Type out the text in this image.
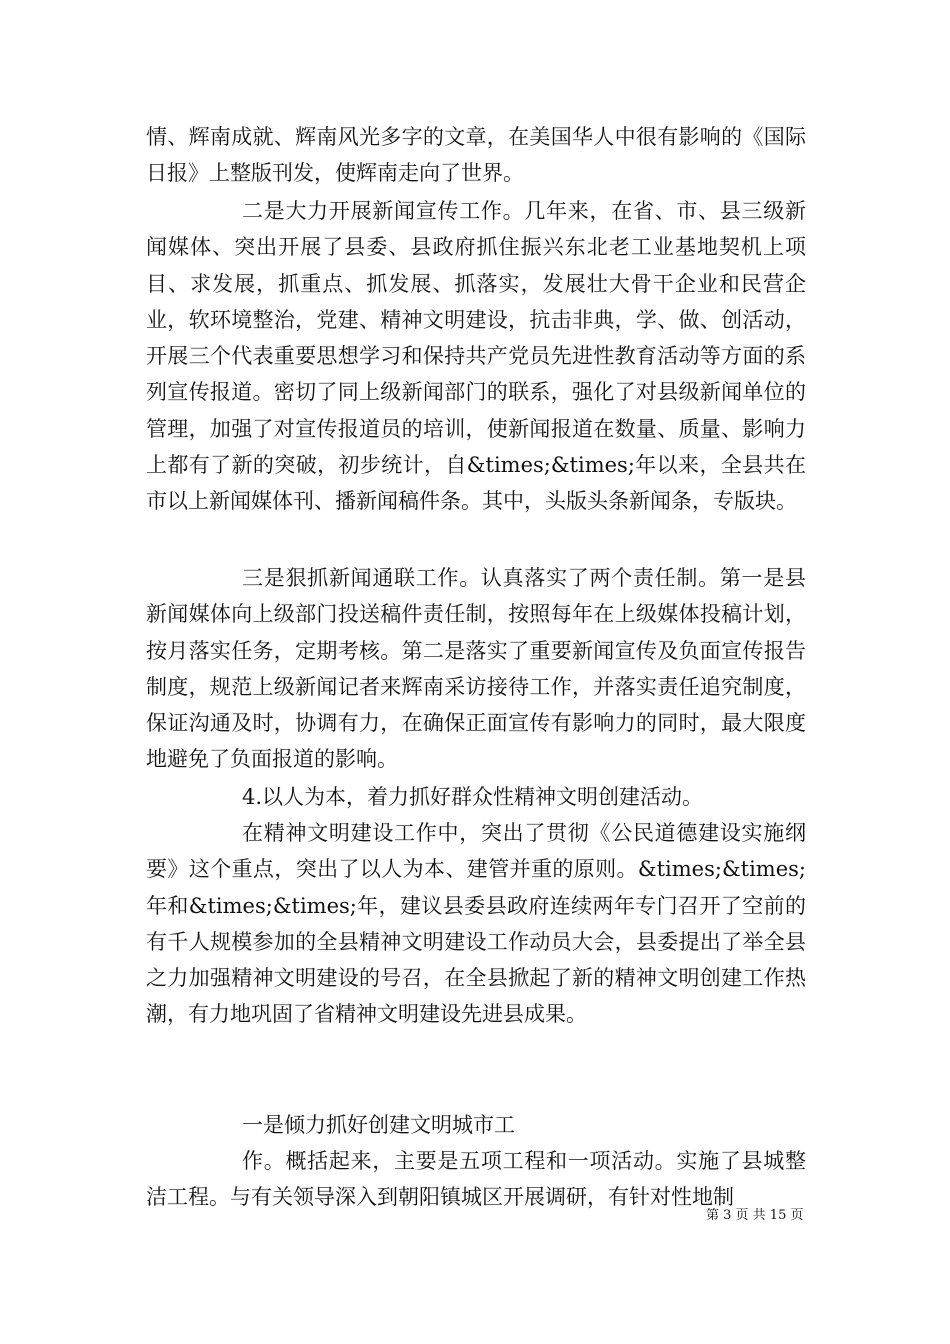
情、辉南成就、辉南风光多字的文章，在美国华人中很有影响的《国际日报》上整版刊发，使辉南走向了世界。

二是大力开展新闻宣传工作。几年来，在省、市、县三级新闻媒体、突出开展了县委、县政府抓住振兴东北老工业基地契机上项目、求发展，抓重点、抓发展、抓落实，发展壮大骨干企业和民营企业，软环境整治，党建、精神文明建设，抗击非典，学、做、创活动，开展三个代表重要思想学习和保持共产党员先进性教育活动等方面的系列宣传报道。密切了同上级新闻部门的联系，强化了对县级新闻单位的管理，加强了对宣传报道员的培训，使新闻报道在数量、质量、影响力上都有了新的突破，初步统计，自&times;&times;年以来，全县共在市以上新闻媒体刊、播新闻稿件条。其中，头版头条新闻条，专版块。

三是狠抓新闻通联工作。认真落实了两个责任制。第一是县新闻媒体向上级部门投送稿件责任制，按照每年在上级媒体投稿计划，按月落实任务，定期考核。第二是落实了重要新闻宣传及负面宣传报告制度，规范上级新闻记者来辉南采访接待工作，并落实责任追究制度，保证沟通及时，协调有力，在确保正面宣传有影响力的同时，最大限度地避免了负面报道的影响。

4.以人为本，着力抓好群众性精神文明创建活动。

在精神文明建设工作中，突出了贯彻《公民道德建设实施纲要》这个重点，突出了以人为本、建管并重的原则。&times;&times;年和&times;&times;年，建议县委县政府连续两年专门召开了空前的有千人规模参加的全县精神文明建设工作动员大会，县委提出了举全县之力加强精神文明建设的号召，在全县掀起了新的精神文明创建工作热潮，有力地巩固了省精神文明建设先进县成果。

一是倾力抓好创建文明城市工

作。概括起来，主要是五项工程和一项活动。实施了县城整洁工程。与有关领导深入到朝阳镇城区开展调研，有针对性地制

第 3 页 共 15 页
